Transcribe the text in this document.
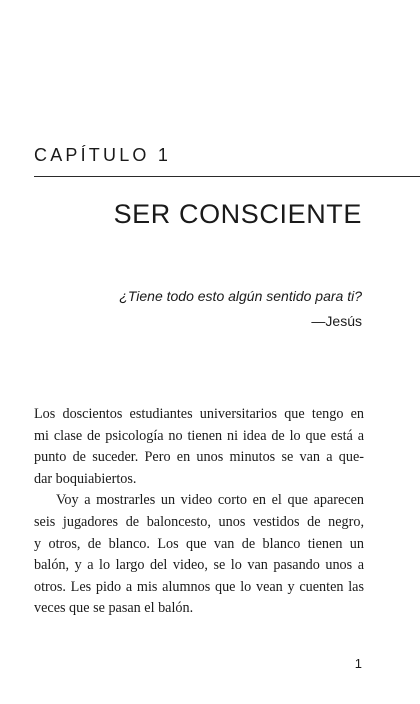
CAPÍTULO 1
SER CONSCIENTE
¿Tiene todo esto algún sentido para ti?
—Jesús

Los doscientos estudiantes universitarios que tengo en
mi clase de psicología no tienen ni idea de lo que está a
punto de suceder. Pero en unos minutos se van a que-
dar boquiabiertos.

Voy a mostrarles un video corto en el que aparecen
seis jugadores de baloncesto, unos vestidos de negro,
y otros, de blanco. Los que van de blanco tienen un
balón, y a lo largo del video, se lo van pasando unos a
otros. Les pido a mis alumnos que lo vean y cuenten las
veces que se pasan el balón.

1
